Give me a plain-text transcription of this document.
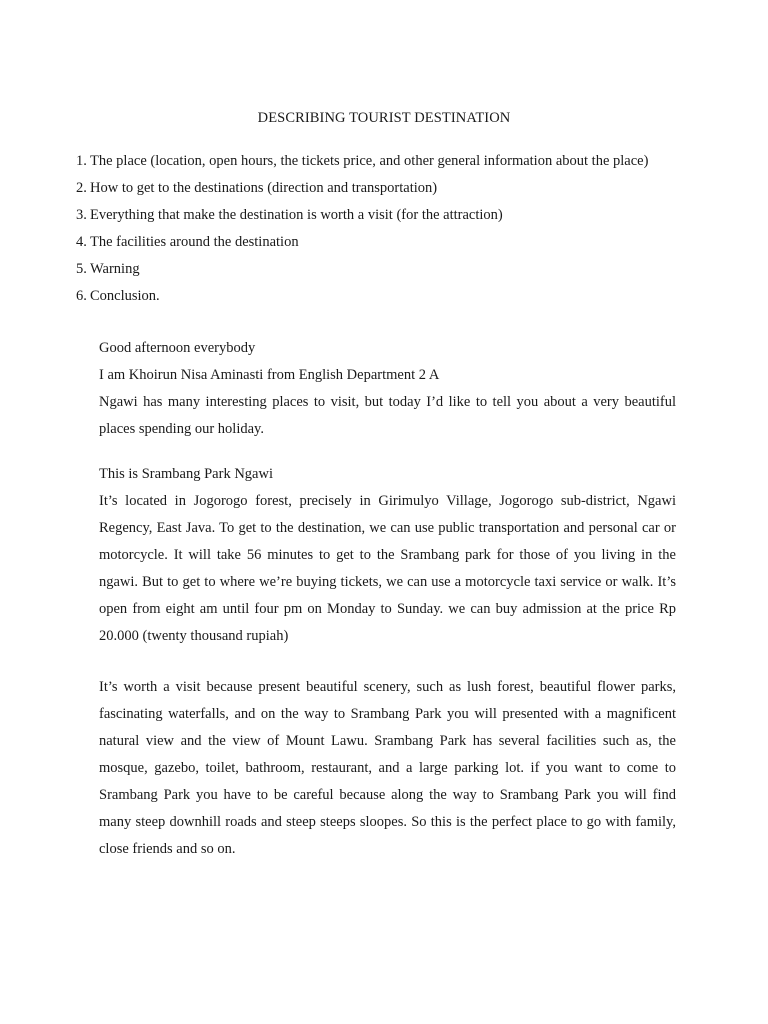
DESCRIBING TOURIST DESTINATION
1. The place (location, open hours, the tickets price, and other general information about the place)
2. How to get to the destinations (direction and transportation)
3. Everything that make the destination is worth a visit (for the attraction)
4. The facilities around the destination
5. Warning
6. Conclusion.

Good afternoon everybody

I am Khoirun Nisa Aminasti from English Department 2 A

Ngawi has many interesting places to visit, but today I’d like to tell you about a very beautiful places spending our holiday.

This is Srambang Park Ngawi

It’s located in Jogorogo forest, precisely in Girimulyo Village, Jogorogo sub-district, Ngawi Regency, East Java. To get to the destination, we can use public transportation and personal car or motorcycle. It will take 56 minutes to get to the Srambang park for those of you living in the ngawi. But to get to where we’re buying tickets, we can use a motorcycle taxi service or walk. It’s open from eight am until four pm on Monday to Sunday. we can buy admission at the price Rp 20.000 (twenty thousand rupiah)

It’s worth a visit because present beautiful scenery, such as lush forest, beautiful flower parks, fascinating waterfalls, and on the way to Srambang Park you will presented with a magnificent natural view and the view of Mount Lawu. Srambang Park has several facilities such as, the mosque, gazebo, toilet, bathroom, restaurant, and a large parking lot. if you want to come to Srambang Park you have to be careful because along the way to Srambang Park you will find many steep downhill roads and steep steeps sloopes. So this is the perfect place to go with family, close friends and so on.
